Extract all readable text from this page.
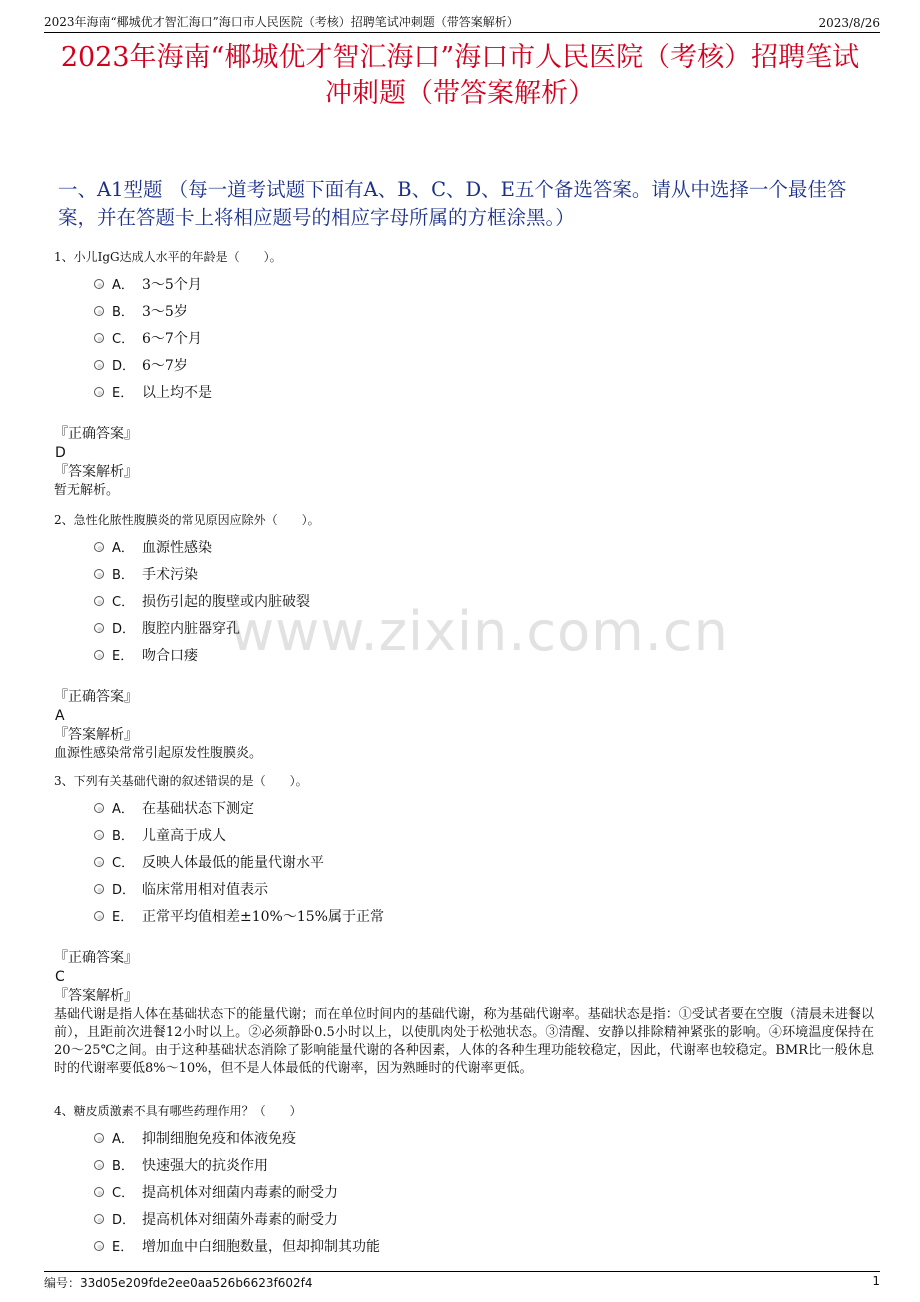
2023年海南“椰城优才智汇海口”海口市人民医院（考核）招聘笔试冲刺题（带答案解析）	2023/8/26
2023年海南“椰城优才智汇海口”海口市人民医院（考核）招聘笔试冲刺题（带答案解析）
一、A1型题 （每一道考试题下面有A、B、C、D、E五个备选答案。请从中选择一个最佳答案，并在答题卡上将相应题号的相应字母所属的方框涂黑。）
www.zixin.com.cn
1、小儿IgG达成人水平的年龄是（　　）。
A． 3～5个月
B． 3～5岁
C． 6～7个月
D． 6～7岁
E． 以上均不是
『正确答案』
D
『答案解析』
暂无解析。
2、急性化脓性腹膜炎的常见原因应除外（　　）。
A． 血源性感染
B． 手术污染
C． 损伤引起的腹壁或内脏破裂
D． 腹腔内脏器穿孔
E． 吻合口瘘
『正确答案』
A
『答案解析』
血源性感染常常引起原发性腹膜炎。
3、下列有关基础代谢的叙述错误的是（　　）。
A． 在基础状态下测定
B． 儿童高于成人
C． 反映人体最低的能量代谢水平
D． 临床常用相对值表示
E． 正常平均值相差±10%～15%属于正常
『正确答案』
C
『答案解析』
基础代谢是指人体在基础状态下的能量代谢；而在单位时间内的基础代谢，称为基础代谢率。基础状态是指：①受试者要在空腹（清晨未进餐以前），且距前次进餐12小时以上。②必须静卧0.5小时以上，以使肌肉处于松弛状态。③清醒、安静以排除精神紧张的影响。④环境温度保持在20～25℃之间。由于这种基础状态消除了影响能量代谢的各种因素，人体的各种生理功能较稳定，因此，代谢率也较稳定。BMR比一般休息时的代谢率要低8%～10%，但不是人体最低的代谢率，因为熟睡时的代谢率更低。
4、糖皮质激素不具有哪些药理作用？（　　）
A． 抑制细胞免疫和体液免疫
B． 快速强大的抗炎作用
C． 提高机体对细菌内毒素的耐受力
D． 提高机体对细菌外毒素的耐受力
E． 增加血中白细胞数量，但却抑制其功能
编号：33d05e209fde2ee0aa526b6623f602f4	1
